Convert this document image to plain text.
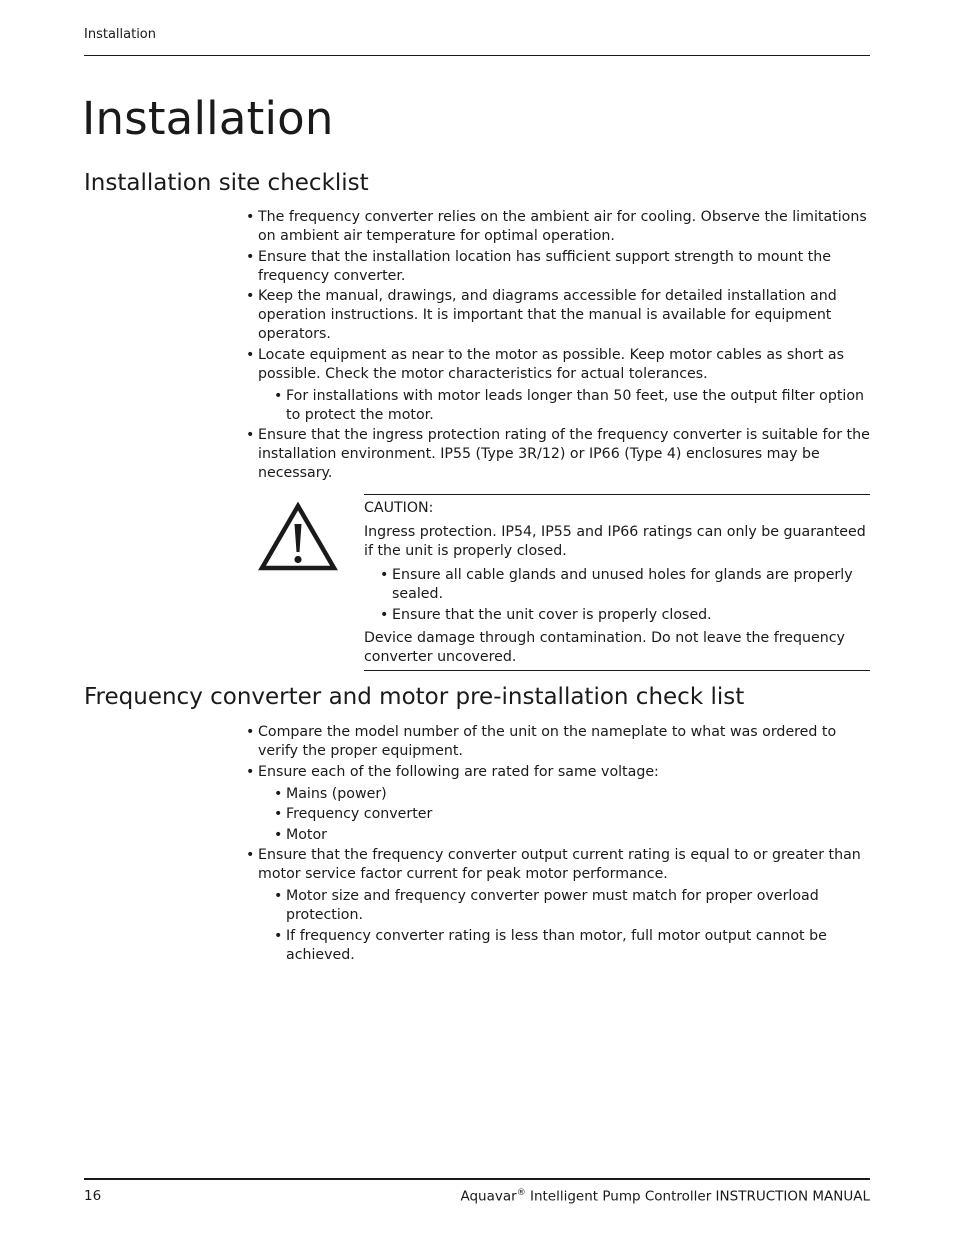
Installation
Installation
Installation site checklist
• The frequency converter relies on the ambient air for cooling. Observe the limitations on ambient air temperature for optimal operation.
• Ensure that the installation location has sufficient support strength to mount the frequency converter.
• Keep the manual, drawings, and diagrams accessible for detailed installation and operation instructions. It is important that the manual is available for equipment operators.
• Locate equipment as near to the motor as possible. Keep motor cables as short as possible. Check the motor characteristics for actual tolerances.
• For installations with motor leads longer than 50 feet, use the output filter option to protect the motor.
• Ensure that the ingress protection rating of the frequency converter is suitable for the installation environment. IP55 (Type 3R/12) or IP66 (Type 4) enclosures may be necessary.

CAUTION:

Ingress protection. IP54, IP55 and IP66 ratings can only be guaranteed if the unit is properly closed.

• Ensure all cable glands and unused holes for glands are properly sealed.
• Ensure that the unit cover is properly closed.

Device damage through contamination. Do not leave the frequency converter uncovered.

Frequency converter and motor pre-installation check list
• Compare the model number of the unit on the nameplate to what was ordered to verify the proper equipment.
• Ensure each of the following are rated for same voltage:
• Mains (power)
• Frequency converter
• Motor
• Ensure that the frequency converter output current rating is equal to or greater than motor service factor current for peak motor performance.
• Motor size and frequency converter power must match for proper overload protection.
• If frequency converter rating is less than motor, full motor output cannot be achieved.
16	Aquavar® Intelligent Pump Controller INSTRUCTION MANUAL
